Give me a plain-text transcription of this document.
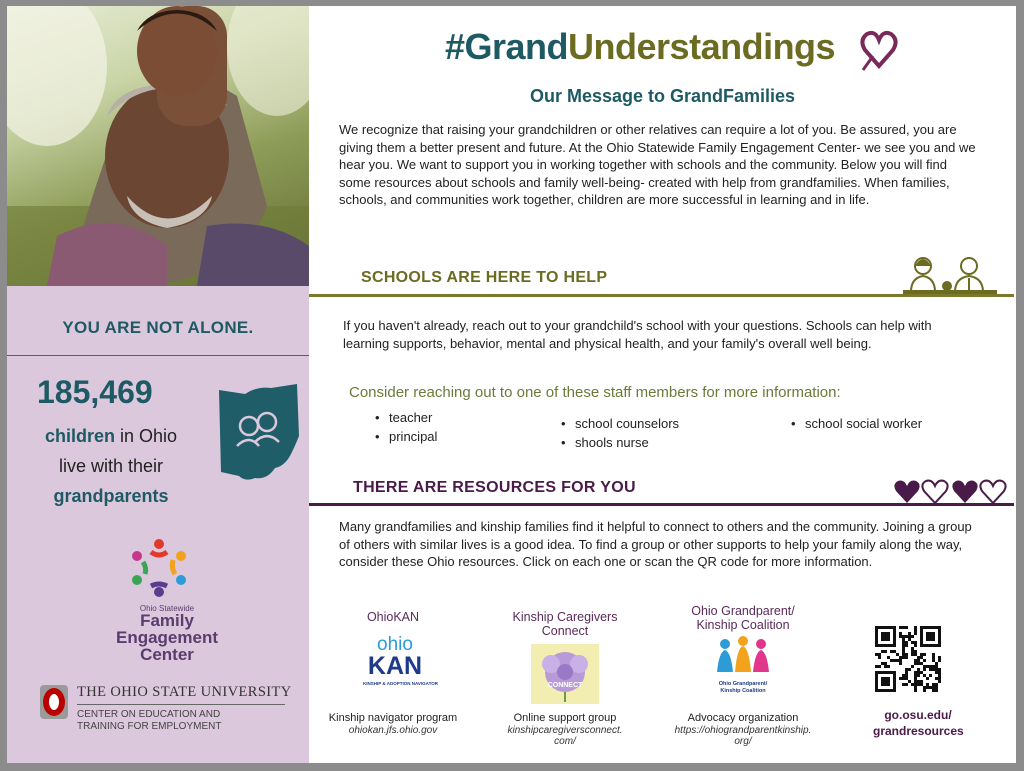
YOU ARE NOT ALONE.
185,469
children in Ohio
live with their
grandparents
Ohio Statewide
Family
Engagement
Center
THE OHIO STATE UNIVERSITY
CENTER ON EDUCATION AND
TRAINING FOR EMPLOYMENT
#GrandUnderstandings
Our Message to GrandFamilies
We recognize that raising your grandchildren or other relatives can require a lot of you. Be assured, you are giving them a better present and future. At the Ohio Statewide Family Engagement Center- we see you and we hear you. We want to support you in working together with schools and the community. Below you will find some resources about schools and family well-being- created with help from grandfamilies. When families, schools, and communities work together, children are more successful in learning and in life.
SCHOOLS ARE HERE TO HELP
If you haven't already, reach out to your grandchild's school with your questions. Schools can help with learning supports, behavior, mental and physical health, and your family's overall well being.
Consider reaching out to one of these staff members for more information:
• teacher
• principal
• school counselors
• shools nurse
• school social worker
THERE ARE RESOURCES FOR YOU
Many grandfamilies and kinship families find it helpful to connect to others and the community. Joining a group of others with similar lives is a good idea. To find a group or other supports to help your family along the way, consider these Ohio resources. Click on each one or scan the QR code for more information.
OhioKAN
ohio
KAN
KINSHIP & ADOPTION NAVIGATOR
Kinship navigator program
ohiokan.jfs.ohio.gov
Kinship Caregivers
Connect
CONNECT
Online support group
kinshipcaregiversconnect.
com/
Ohio Grandparent/
Kinship Coalition
Ohio Grandparent/
Kinship Coalition
Advocacy organization
https://ohiograndparentkinship.
org/
go.osu.edu/
grandresources
